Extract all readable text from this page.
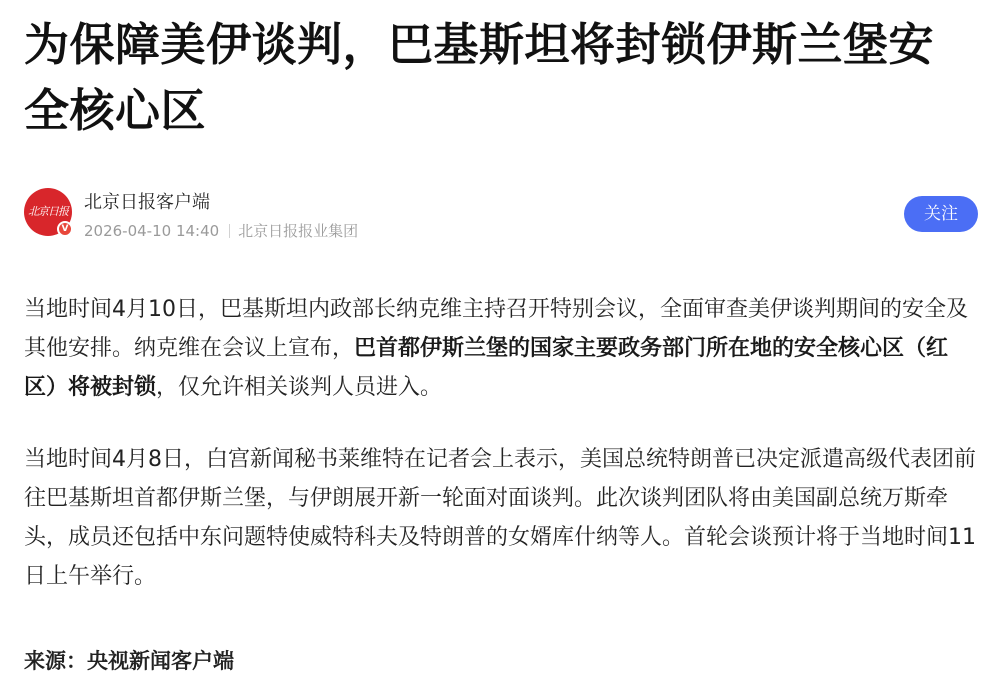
为保障美伊谈判，巴基斯坦将封锁伊斯兰堡安全核心区
北京日报
V
北京日报客户端
2026-04-10 14:40 北京日报报业集团
关注

当地时间4月10日，巴基斯坦内政部长纳克维主持召开特别会议，全面审查美伊谈判期间的安全及其他安排。纳克维在会议上宣布，巴首都伊斯兰堡的国家主要政务部门所在地的安全核心区（红区）将被封锁，仅允许相关谈判人员进入。

当地时间4月8日，白宫新闻秘书莱维特在记者会上表示，美国总统特朗普已决定派遣高级代表团前往巴基斯坦首都伊斯兰堡，与伊朗展开新一轮面对面谈判。此次谈判团队将由美国副总统万斯牵头，成员还包括中东问题特使威特科夫及特朗普的女婿库什纳等人。首轮会谈预计将于当地时间11日上午举行。

来源：央视新闻客户端
